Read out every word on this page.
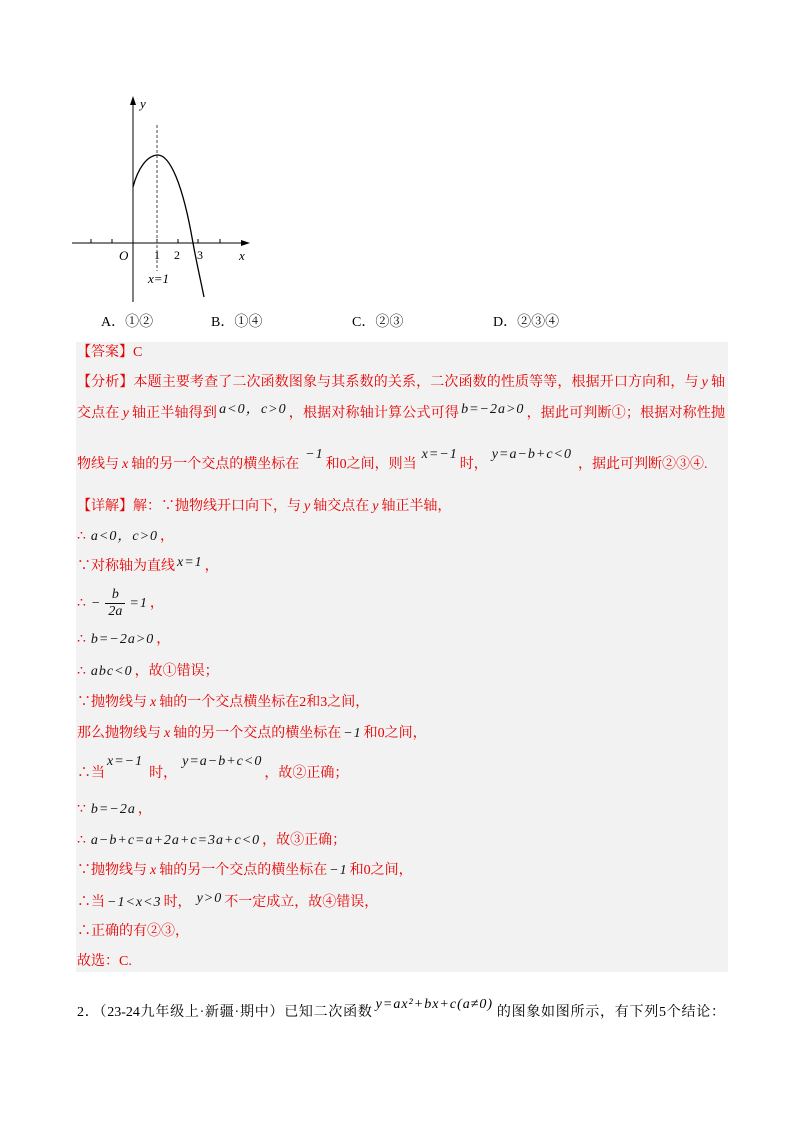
y
x
O 1 2 3
x=1
A．①②	B．①④	C．②③	D．②③④
【答案】C
【分析】本题主要考查了二次函数图象与其系数的关系，二次函数的性质等等，根据开口方向和，与 y 轴
交点在 y 轴正半轴得到 a<0，c>0 ，根据对称轴计算公式可得 b=−2a>0 ，据此可判断①；根据对称性抛
物线与 x 轴的另一个交点的横坐标在−1和0之间，则当x=−1时，y=a−b+c<0，据此可判断②③④.
【详解】解：∵抛物线开口向下，与 y 轴交点在 y 轴正半轴，
∴ a<0，c>0 ，
∵对称轴为直线 x=1 ，
∴ − $\frac{b}{2a} =1$ ，
∴ b=−2a>0 ，
∴ abc<0 ，故①错误；
∵抛物线与 x 轴的一个交点横坐标在2和3之间，
那么抛物线与 x 轴的另一个交点的横坐标在 −1 和0之间，
∴当x=−1时，y=a−b+c<0，故②正确；
∵ b=−2a ，
∴ a−b+c=a+2a+c=3a+c<0 ，故③正确；
∵抛物线与 x 轴的另一个交点的横坐标在 −1 和0之间，
∴当 −1<x<3 时， y>0 不一定成立，故④错误，
∴正确的有②③，
故选：C.
2．（23-24九年级上·新疆·期中）已知二次函数y=ax²+bx+c(a≠0)的图象如图所示，有下列5个结论：
